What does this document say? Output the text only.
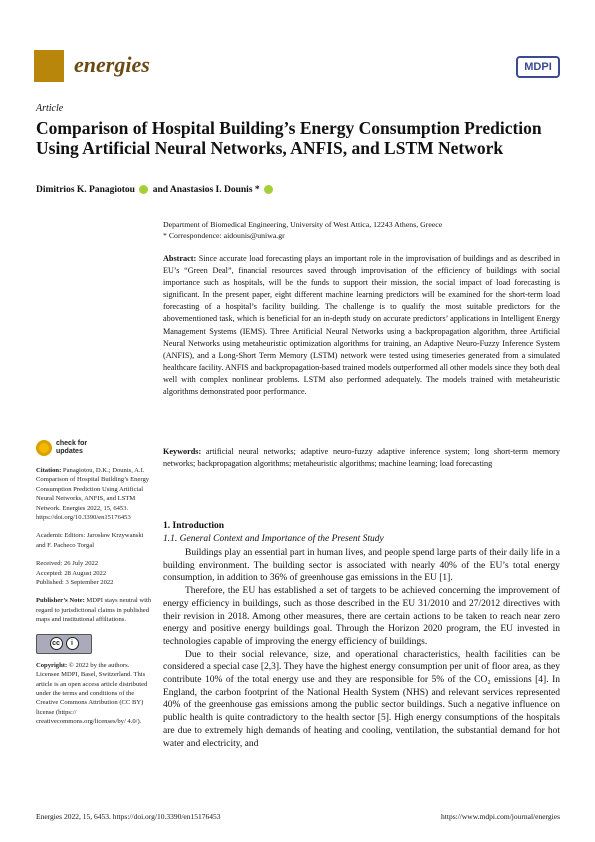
energies	MDPI
Article
Comparison of Hospital Building’s Energy Consumption Prediction Using Artificial Neural Networks, ANFIS, and LSTM Network
Dimitrios K. Panagiotou  and Anastasios I. Dounis *
Department of Biomedical Engineering, University of West Attica, 12243 Athens, Greece
* Correspondence: aidounis@uniwa.gr
Abstract: Since accurate load forecasting plays an important role in the improvisation of buildings and as described in EU’s “Green Deal”, financial resources saved through improvisation of the efficiency of buildings with social importance such as hospitals, will be the funds to support their mission, the social impact of load forecasting is significant. In the present paper, eight different machine learning predictors will be examined for the short-term load forecasting of a hospital’s facility building. The challenge is to qualify the most suitable predictors for the abovementioned task, which is beneficial for an in-depth study on accurate predictors’ applications in Intelligent Energy Management Systems (IEMS). Three Artificial Neural Networks using a backpropagation algorithm, three Artificial Neural Networks using metaheuristic optimization algorithms for training, an Adaptive Neuro-Fuzzy Inference System (ANFIS), and a Long-Short Term Memory (LSTM) network were tested using timeseries generated from a simulated healthcare facility. ANFIS and backpropagation-based trained models outperformed all other models since they both deal well with complex nonlinear problems. LSTM also performed adequately. The models trained with metaheuristic algorithms demonstrated poor performance.
Keywords: artificial neural networks; adaptive neuro-fuzzy adaptive inference system; long short-term memory networks; backpropagation algorithms; metaheuristic algorithms; machine learning; load forecasting
check for
updates
Citation: Panagiotou, D.K.; Dounis, A.I. Comparison of Hospital Building’s Energy Consumption Prediction Using Artificial Neural Networks, ANFIS, and LSTM Network. Energies 2022, 15, 6453. https://doi.org/10.3390/en15176453
Academic Editors: Jarosław Krzywanski and F. Pacheco Torgal
Received: 26 July 2022
Accepted: 28 August 2022
Published: 3 September 2022
Publisher’s Note: MDPI stays neutral with regard to jurisdictional claims in published maps and institutional affiliations.
cc	i
Copyright: © 2022 by the authors. Licensee MDPI, Basel, Switzerland. This article is an open access article distributed under the terms and conditions of the Creative Commons Attribution (CC BY) license (https:// creativecommons.org/licenses/by/ 4.0/).
1. Introduction
1.1. General Context and Importance of the Present Study

Buildings play an essential part in human lives, and people spend large parts of their daily life in a building environment. The building sector is associated with nearly 40% of the EU’s total energy consumption, in addition to 36% of greenhouse gas emissions in the EU [1].

Therefore, the EU has established a set of targets to be achieved concerning the improvement of energy efficiency in buildings, such as those described in the EU 31/2010 and 27/2012 directives with their revision in 2018. Among other measures, there are certain actions to be taken to reach near zero energy and positive energy buildings goal. Through the Horizon 2020 program, the EU invested in technologies capable of improving the energy efficiency of buildings.

Due to their social relevance, size, and operational characteristics, health facilities can be considered a special case [2,3]. They have the highest energy consumption per unit of floor area, as they contribute 10% of the total energy use and they are responsible for 5% of the CO₂ emissions [4]. In England, the carbon footprint of the National Health System (NHS) and relevant services represented 40% of the greenhouse gas emissions among the public sector buildings. Such a negative influence on public health is quite contradictory to the health sector [5]. High energy consumptions of the hospitals are due to extremely high demands of heating and cooling, ventilation, the substantial demand for hot water and electricity, and

Energies 2022, 15, 6453. https://doi.org/10.3390/en15176453	https://www.mdpi.com/journal/energies
